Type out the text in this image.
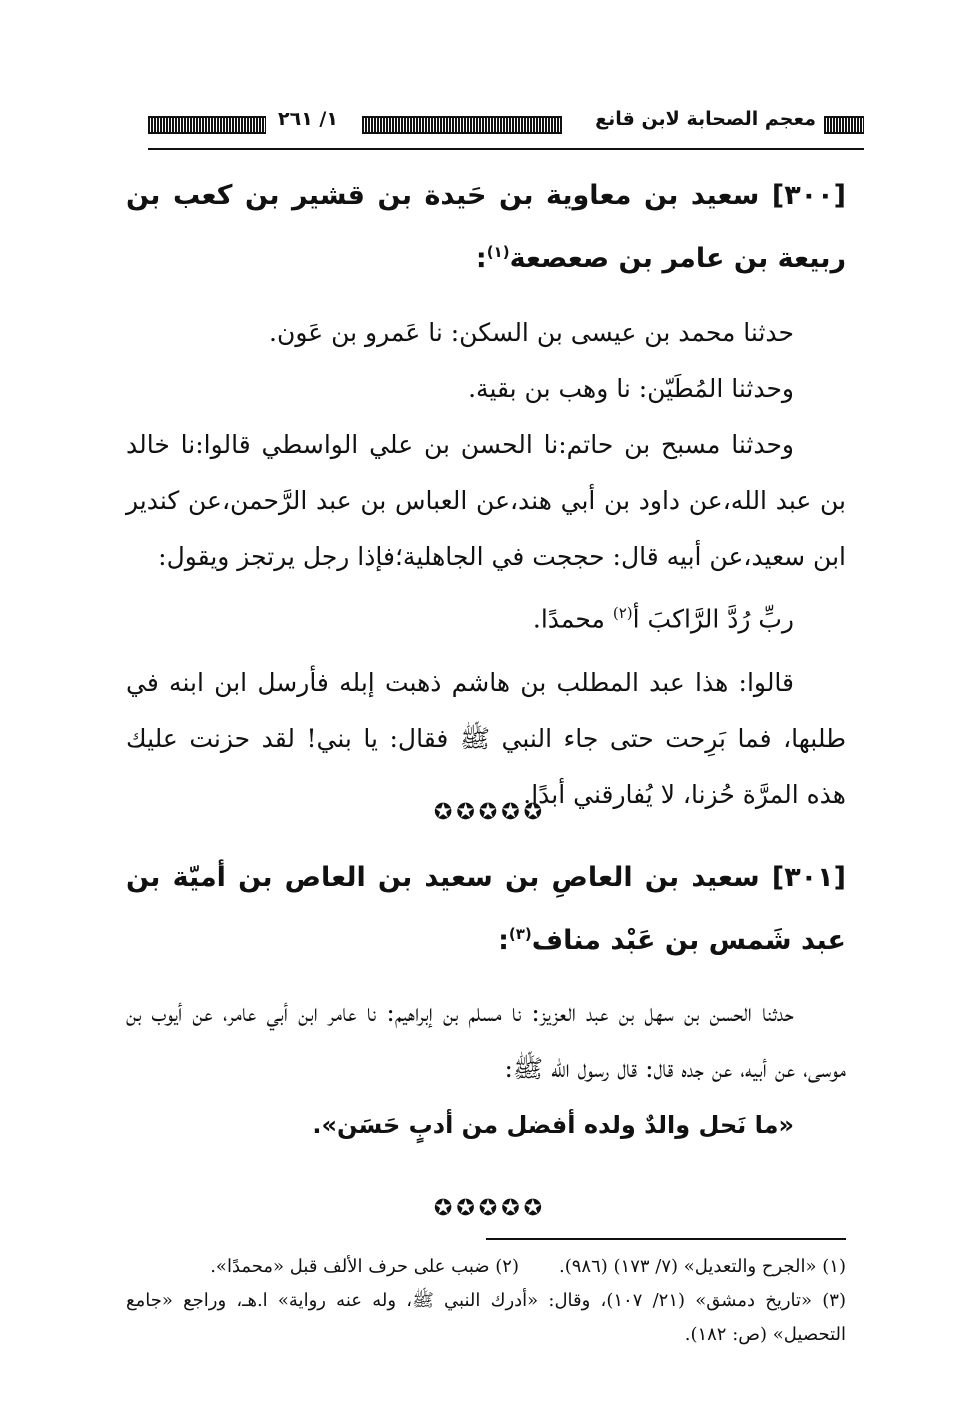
١/ ٢٦١	معجم الصحابة لابن قانع
[٣٠٠] سعيد بن معاوية بن حَيدة بن قشير بن كعب بن ربيعة بن عامر بن صعصعة$^{(١)}$:
حدثنا محمد بن عيسى بن السكن: نا عَمرو بن عَون.
وحدثنا المُطَيّن: نا وهب بن بقية.
وحدثنا مسبح بن حاتم:نا الحسن بن علي الواسطي قالوا:نا خالد بن عبد الله،عن داود بن أبي هند،عن العباس بن عبد الرَّحمن،عن كندير ابن سعيد،عن أبيه قال: حججت في الجاهلية؛فإذا رجل يرتجز ويقول:
ربِّ رُدَّ الرَّاكبَ أ$^{(٢)}$ محمدًا.
قالوا: هذا عبد المطلب بن هاشم ذهبت إبله فأرسل ابن ابنه في طلبها، فما بَرِحت حتى جاء النبي ﷺ فقال: يا بني! لقد حزنت عليك هذه المرَّة حُزنا، لا يُفارقني أبدًا.
✪✪✪✪✪
[٣٠١] سعيد بن العاصِ بن سعيد بن العاص بن أميّة بن عبد شَمس بن عَبْد مناف$^{(٣)}$:
حدثنا الحسن بن سهل بن عبد العزيز: نا مسلم بن إبراهيم: نا عامر ابن أبي عامر، عن أيوب بن موسى، عن أبيه، عن جده قال: قال رسول الله ﷺ:
«ما نَحل والدٌ ولده أفضل من أدبٍ حَسَن».
✪✪✪✪✪
(١) «الجرح والتعديل» (٧/ ١٧٣) (٩٨٦).(٢) ضبب على حرف الألف قبل «محمدًا».
(٣) «تاريخ دمشق» (٢١/ ١٠٧)، وقال: «أدرك النبي ﷺ، وله عنه رواية» ا.هـ، وراجع «جامع التحصيل» (ص: ١٨٢).
